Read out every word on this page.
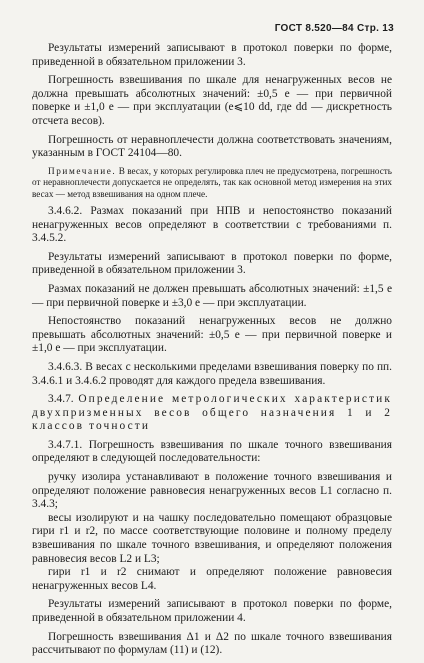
ГОСТ 8.520—84 Стр. 13

Результаты измерений записывают в протокол поверки по форме, приведенной в обязательном приложении 3.

Погрешность взвешивания по шкале для ненагруженных весов не должна превышать абсолютных значений: ±0,5 e — при первичной поверке и ±1,0 e — при эксплуатации (e⩽10 dd, где dd — дискретность отсчета весов).

Погрешность от неравноплечести должна соответствовать значениям, указанным в ГОСТ 24104—80.

Примечание. В весах, у которых регулировка плеч не предусмотрена, погрешность от неравноплечести допускается не определять, так как основной метод измерения на этих весах — метод взвешивания на одном плече.

3.4.6.2. Размах показаний при НПВ и непостоянство показаний ненагруженных весов определяют в соответствии с требованиями п. 3.4.5.2.

Результаты измерений записывают в протокол поверки по форме, приведенной в обязательном приложении 3.

Размах показаний не должен превышать абсолютных значений: ±1,5 e — при первичной поверке и ±3,0 e — при эксплуатации.

Непостоянство показаний ненагруженных весов не должно превышать абсолютных значений: ±0,5 e — при первичной поверке и ±1,0 e — при эксплуатации.

3.4.6.3. В весах с несколькими пределами взвешивания поверку по пп. 3.4.6.1 и 3.4.6.2 проводят для каждого предела взвешивания.

3.4.7. Определение метрологических характеристик двухпризменных весов общего назначения 1 и 2 классов точности

3.4.7.1. Погрешность взвешивания по шкале точного взвешивания определяют в следующей последовательности:

ручку изолира устанавливают в положение точного взвешивания и определяют положение равновесия ненагруженных весов L1 согласно п. 3.4.3;

весы изолируют и на чашку последовательно помещают образцовые гири r1 и r2, по массе соответствующие половине и полному пределу взвешивания по шкале точного взвешивания, и определяют положения равновесия весов L2 и L3;

гири r1 и r2 снимают и определяют положение равновесия ненагруженных весов L4.

Результаты измерений записывают в протокол поверки по форме, приведенной в обязательном приложении 4.

Погрешность взвешивания Δ1 и Δ2 по шкале точного взвешивания рассчитывают по формулам (11) и (12).
